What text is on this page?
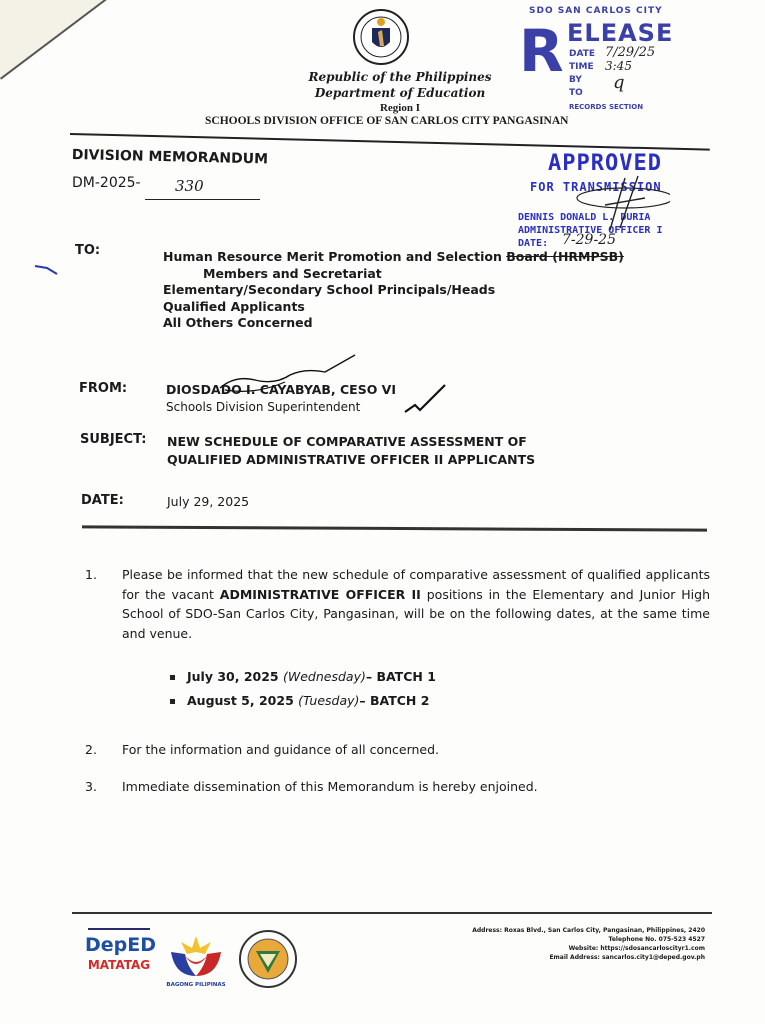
Republic of the Philippines
Department of Education
Region I
SCHOOLS DIVISION OFFICE OF SAN CARLOS CITY PANGASINAN
SDO SAN CARLOS CITY
R ELEASE
DATE 7/29/25
TIME 3:45
BY q
TO
RECORDS SECTION
APPROVED
FOR TRANSMISSION
DENNIS DONALD L. DURIA
ADMINISTRATIVE OFFICER I
DATE: 7-29-25
DIVISION MEMORANDUM
DM-2025- 330
TO:	Human Resource Merit Promotion and Selection Board (HRMPSB)
Members and Secretariat
Elementary/Secondary School Principals/Heads
Qualified Applicants
All Others Concerned
FROM:	DIOSDADO I. CAYABYAB, CESO VI
Schools Division Superintendent
SUBJECT: NEW SCHEDULE OF COMPARATIVE ASSESSMENT OF
QUALIFIED ADMINISTRATIVE OFFICER II APPLICANTS
DATE:	July 29, 2025
1. Please be informed that the new schedule of comparative assessment of qualified applicants for the vacant ADMINISTRATIVE OFFICER II positions in the Elementary and Junior High School of SDO-San Carlos City, Pangasinan, will be on the following dates, at the same time and venue.
July 30, 2025 (Wednesday)– BATCH 1
August 5, 2025 (Tuesday)– BATCH 2
2. For the information and guidance of all concerned.
3. Immediate dissemination of this Memorandum is hereby enjoined.
DepED
MATATAG
BAGONG PILIPINAS
Address: Roxas Blvd., San Carlos City, Pangasinan, Philippines, 2420
Telephone No. 075-523 4527
Website: https://sdosancarloscityr1.com
Email Address: sancarlos.city1@deped.gov.ph
